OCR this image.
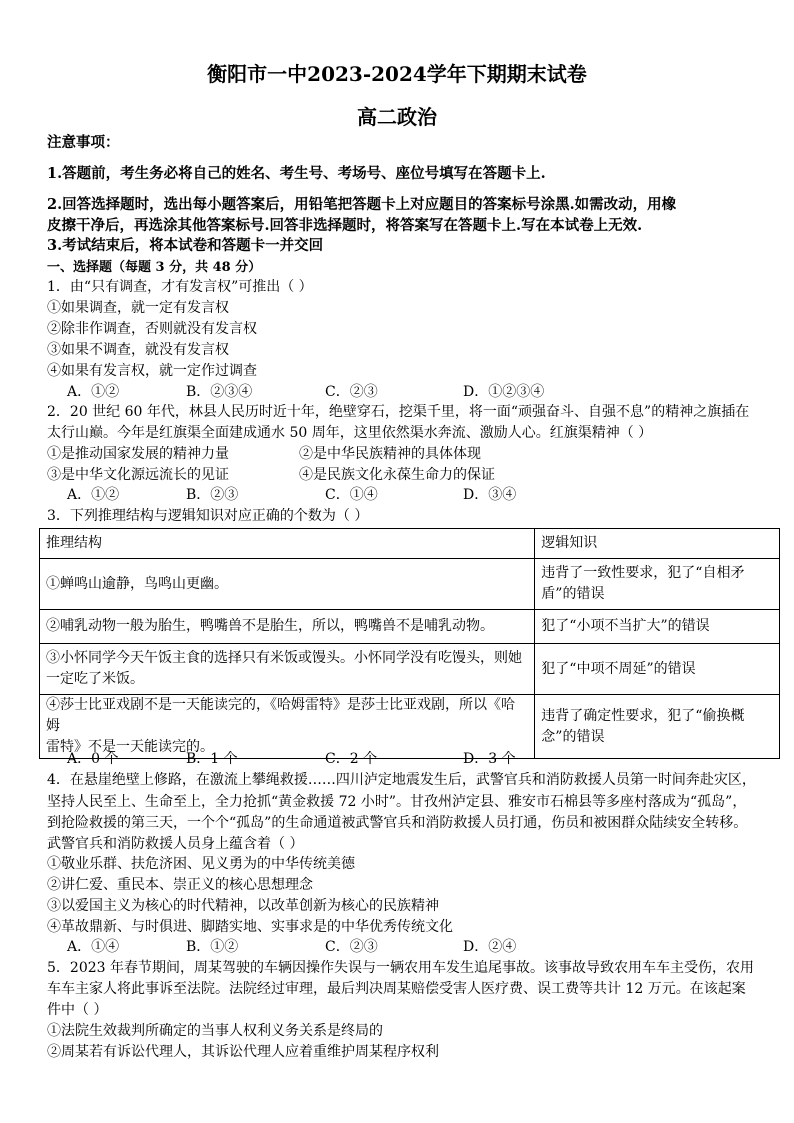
衡阳市一中2023-2024学年下期期末试卷
高二政治
注意事项：
1.答题前，考生务必将自己的姓名、考生号、考场号、座位号填写在答题卡上.
2.回答选择题时，选出每小题答案后，用铅笔把答题卡上对应题目的答案标号涂黑.如需改动，用橡
皮擦干净后，再选涂其他答案标号.回答非选择题时，将答案写在答题卡上.写在本试卷上无效.
3.考试结束后，将本试卷和答题卡一并交回
一、选择题（每题 3 分，共 48 分）
1．由“只有调查，才有发言权”可推出（ ）
①如果调查，就一定有发言权
②除非作调查，否则就没有发言权
③如果不调查，就没有发言权
④如果有发言权，就一定作过调查
A．①②	B．②③④	C．②③	D．①②③④
2．20 世纪 60 年代，林县人民历时近十年，绝壁穿石，挖渠千里，将一面“顽强奋斗、自强不息”的精神之旗插在
太行山巅。今年是红旗渠全面建成通水 50 周年，这里依然渠水奔流、激励人心。红旗渠精神（ ）
①是推动国家发展的精神力量	②是中华民族精神的具体体现
③是中华文化源远流长的见证	④是民族文化永葆生命力的保证
A．①②	B．②③	C．①④	D．③④
3．下列推理结构与逻辑知识对应正确的个数为（ ）
推理结构	逻辑知识
①蝉鸣山逾静，鸟鸣山更幽。	违背了一致性要求，犯了“自相矛
盾”的错误
②哺乳动物一般为胎生，鸭嘴兽不是胎生，所以，鸭嘴兽不是哺乳动物。	犯了“小项不当扩大”的错误
③小怀同学今天午饭主食的选择只有米饭或馒头。小怀同学没有吃馒头，则她
一定吃了米饭。	犯了“中项不周延”的错误
④莎士比亚戏剧不是一天能读完的，《哈姆雷特》是莎士比亚戏剧，所以《哈姆
雷特》不是一天能读完的。	违背了确定性要求，犯了“偷换概
念”的错误
A．0 个	B．1 个	C．2 个	D．3 个
4．在悬崖绝壁上修路，在激流上攀绳救援……四川泸定地震发生后，武警官兵和消防救援人员第一时间奔赴灾区，
坚持人民至上、生命至上，全力抢抓“黄金救援 72 小时”。甘孜州泸定县、雅安市石棉县等多座村落成为“孤岛”，
到抢险救援的第三天，一个个“孤岛”的生命通道被武警官兵和消防救援人员打通，伤员和被困群众陆续安全转移。
武警官兵和消防救援人员身上蕴含着（ ）
①敬业乐群、扶危济困、见义勇为的中华传统美德
②讲仁爱、重民本、崇正义的核心思想理念
③以爱国主义为核心的时代精神，以改革创新为核心的民族精神
④革故鼎新、与时俱进、脚踏实地、实事求是的中华优秀传统文化
A．①④	B．①②	C．②③	D．②④
5．2023 年春节期间，周某驾驶的车辆因操作失误与一辆农用车发生追尾事故。该事故导致农用车车主受伤，农用
车车主家人将此事诉至法院。法院经过审理，最后判决周某赔偿受害人医疗费、误工费等共计 12 万元。在该起案
件中（ ）
①法院生效裁判所确定的当事人权利义务关系是终局的
②周某若有诉讼代理人，其诉讼代理人应着重维护周某程序权利
